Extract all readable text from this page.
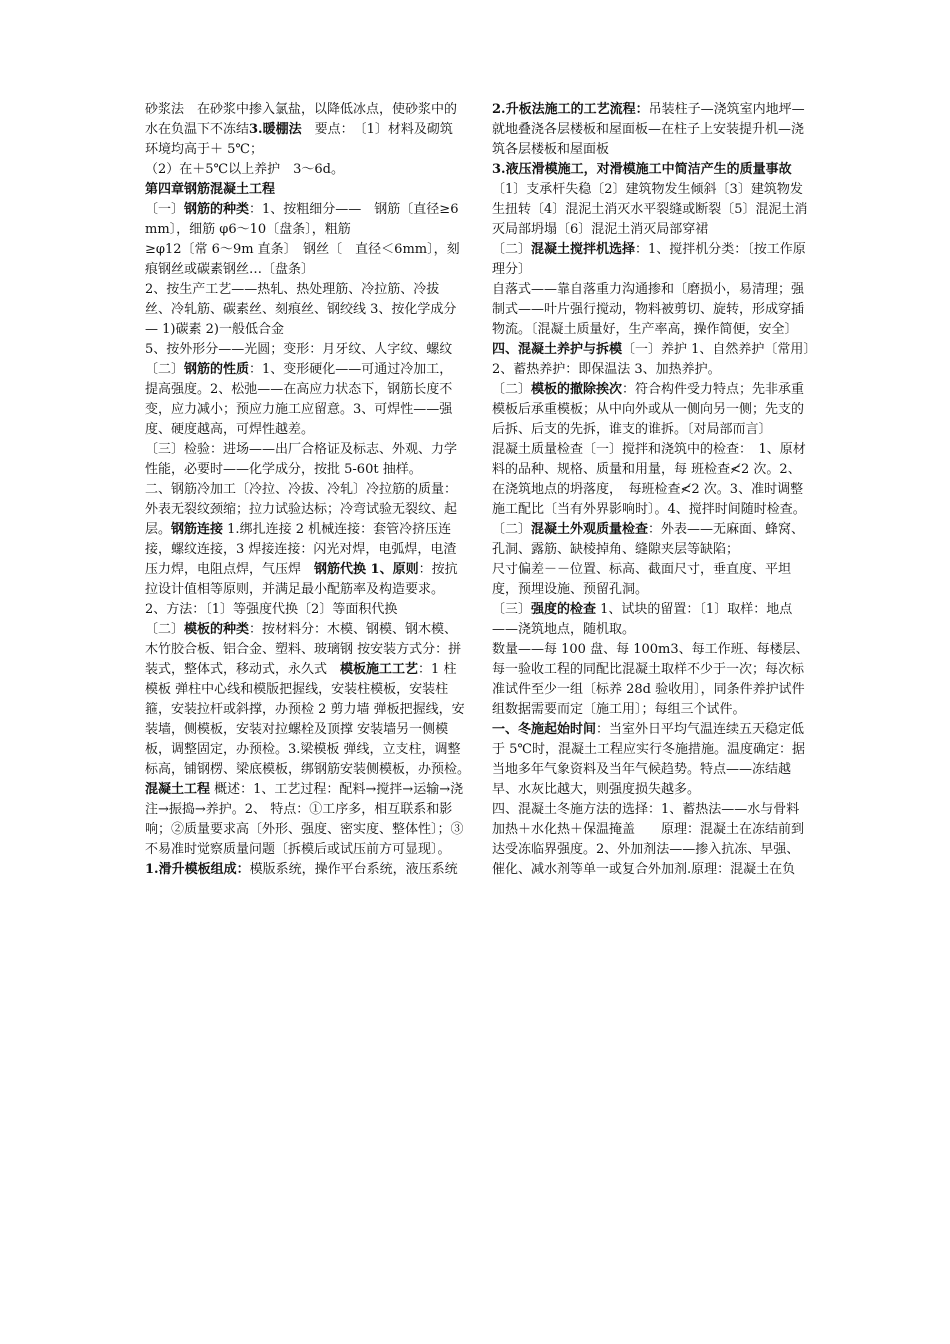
砂浆法　在砂浆中掺入氯盐，以降低冰点，使砂浆中的水在负温下不冻结3.暖棚法　 要点：　〔1〕材料及砌筑环境均高于＋ 5℃；

（2）在＋5℃以上养护　3～6d。

第四章钢筋混凝土工程

〔一〕钢筋的种类：1、按粗细分——　钢筋〔直径≥6mm〕，细筋 φ6～10〔盘条〕，粗筋

≥φ12〔常 6～9m 直条〕　钢丝〔　直径＜6mm〕，刻痕钢丝或碳素钢丝…〔盘条〕

2、按生产工艺——热轧、热处理筋、冷拉筋、冷拔丝、冷轧筋、碳素丝、刻痕丝、钢绞线 3、按化学成分— 1)碳素 2)一般低合金

5、按外形分——光圆；变形：月牙纹、人字纹、螺纹

〔二〕钢筋的性质：1、变形硬化——可通过冷加工，提高强度。2、松弛——在高应力状态下，钢筋长度不变，应力减小；预应力施工应留意。3、可焊性——强度、硬度越高，可焊性越差。

〔三〕检验：进场——出厂合格证及标志、外观、力学性能，必要时——化学成分，按批 5-60t 抽样。

二、钢筋冷加工〔冷拉、冷拔、冷轧〕冷拉筋的质量：外表无裂纹颈缩；拉力试验达标；冷弯试验无裂纹、起层。钢筋连接 1.绑扎连接 2 机械连接：套管冷挤压连接，螺纹连接，3 焊接连接：闪光对焊，电弧焊，电渣压力焊，电阻点焊，气压焊　 钢筋代换 1、原则：按抗拉设计值相等原则，并满足最小配筋率及构造要求。2、方法：〔1〕等强度代换〔2〕等面积代换

〔二〕模板的种类：按材料分：木模、钢模、钢木模、木竹胶合板、铝合金、塑料、玻璃钢 按安装方式分：拼装式，整体式，移动式，永久式　 模板施工工艺：1 柱模板 弹柱中心线和模版把握线，安装柱模板，安装柱箍，安装拉杆或斜撑，办预检 2 剪力墙 弹板把握线，安装墙，侧模板，安装对拉螺栓及顶撑 安装墙另一侧模板，调整固定，办预检。3.梁模板 弹线，立支柱，调整标高，铺钢楞、梁底模板，绑钢筋安装侧模板，办预检。　混凝土工程 概述：1、工艺过程：配料→搅拌→运输→浇注→振捣→养护。2、 特点：①工序多，相互联系和影响；②质量要求高〔外形、强度、密实度、整体性〕；③不易准时觉察质量问题〔拆模后或试压前方可显现〕。

1.滑升模板组成：模版系统，操作平台系统，液压系统

2.升板法施工的工艺流程：吊装柱子—浇筑室内地坪—就地叠浇各层楼板和屋面板—在柱子上安装提升机—浇筑各层楼板和屋面板

3.液压滑模施工，对滑模施工中简洁产生的质量事故〔1〕支承杆失稳〔2〕建筑物发生倾斜〔3〕建筑物发生扭转〔4〕混泥土消灭水平裂缝或断裂〔5〕混泥土消灭局部坍塌〔6〕混泥土消灭局部穿裙

〔二〕混凝土搅拌机选择：1、搅拌机分类：〔按工作原理分〕

自落式——靠自落重力沟通掺和〔磨损小，易清理；强制式——叶片强行搅动，物料被剪切、旋转，形成穿插物流。〔混凝土质量好，生产率高，操作简便，安全〕

四、混凝土养护与拆模〔一〕养护 1、自然养护〔常用〕2、蓄热养护：即保温法 3、加热养护。

〔二〕模板的撤除挨次：符合构件受力特点；先非承重模板后承重模板；从中向外或从一侧向另一侧；先支的后拆、后支的先拆，谁支的谁拆。〔对局部而言〕

混凝土质量检查〔一〕搅拌和浇筑中的检查：　1、原材料的品种、规格、质量和用量，每 班检查≮2 次。2、在浇筑地点的坍落度，　每班检查≮2 次。3、准时调整施工配比〔当有外界影响时〕。4、搅拌时间随时检查。

〔二〕混凝土外观质量检查：外表——无麻面、蜂窝、孔洞、露筋、缺棱掉角、缝隙夹层等缺陷；

尺寸偏差－－位置、标高、截面尺寸，垂直度、平坦度，预埋设施、预留孔洞。

〔三〕强度的检查 1、试块的留置：〔1〕取样：地点——浇筑地点，随机取。

数量——每 100 盘、每 100m3、每工作班、每楼层、每一验收工程的同配比混凝土取样不少于一次；每次标准试件至少一组〔标养 28d 验收用〕，同条件养护试件组数据需要而定〔施工用〕；每组三个试件。

一、冬施起始时间：当室外日平均气温连续五天稳定低于 5℃时，混凝土工程应实行冬施措施。温度确定：据当地多年气象资料及当年气候趋势。特点——冻结越早、水灰比越大，则强度损失越多。

四、混凝土冬施方法的选择：1、蓄热法——水与骨料加热＋水化热＋保温掩盖　　原理：混凝土在冻结前到达受冻临界强度。2、外加剂法——掺入抗冻、早强、催化、减水剂等单一或复合外加剂.原理：混凝土在负
